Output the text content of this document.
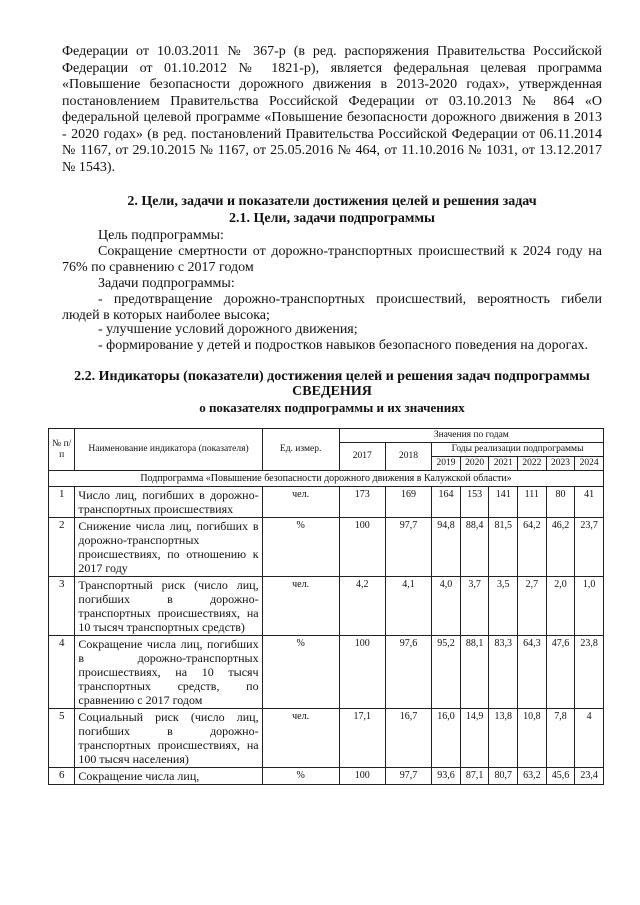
Федерации от 10.03.2011 № 367-р (в ред. распоряжения Правительства Российской Федерации от 01.10.2012 № 1821-р), является федеральная целевая программа «Повышение безопасности дорожного движения в 2013-2020 годах», утвержденная постановлением Правительства Российской Федерации от 03.10.2013 № 864 «О федеральной целевой программе «Повышение безопасности дорожного движения в 2013 - 2020 годах» (в ред. постановлений Правительства Российской Федерации от 06.11.2014 № 1167, от 29.10.2015 № 1167, от 25.05.2016 № 464, от 11.10.2016 № 1031, от 13.12.2017 № 1543).
2. Цели, задачи и показатели достижения целей и решения задач
2.1. Цели, задачи подпрограммы
Цель подпрограммы:
Сокращение смертности от дорожно-транспортных происшествий к 2024 году на 76% по сравнению с 2017 годом
Задачи подпрограммы:
- предотвращение дорожно-транспортных происшествий, вероятность гибели людей в которых наиболее высока;
- улучшение условий дорожного движения;
- формирование у детей и подростков навыков безопасного поведения на дорогах.
2.2. Индикаторы (показатели) достижения целей и решения задач подпрограммы
СВЕДЕНИЯ
о показателях подпрограммы и их значениях
№ п/п	Наименование индикатора (показателя)	Ед. измер.	Значения по годам							
			2017	2018	Годы реализации подпрограммы					
					2019	2020	2021	2022	2023	2024
Подпрограмма «Повышение безопасности дорожного движения в Калужской области»										
1	Число лиц, погибших в дорожно-транспортных происшествиях	чел.	173	169	164	153	141	111	80	41
2	Снижение числа лиц, погибших в дорожно-транспортных происшествиях, по отношению к 2017 году	%	100	97,7	94,8	88,4	81,5	64,2	46,2	23,7
3	Транспортный риск (число лиц, погибших в дорожно-транспортных происшествиях, на 10 тысяч транспортных средств)	чел.	4,2	4,1	4,0	3,7	3,5	2,7	2,0	1,0
4	Сокращение числа лиц, погибших в дорожно-транспортных происшествиях, на 10 тысяч транспортных средств, по сравнению с 2017 годом	%	100	97,6	95,2	88,1	83,3	64,3	47,6	23,8
5	Социальный риск (число лиц, погибших в дорожно-транспортных происшествиях, на 100 тысяч населения)	чел.	17,1	16,7	16,0	14,9	13,8	10,8	7,8	4
6	Сокращение числа лиц,	%	100	97,7	93,6	87,1	80,7	63,2	45,6	23,4
